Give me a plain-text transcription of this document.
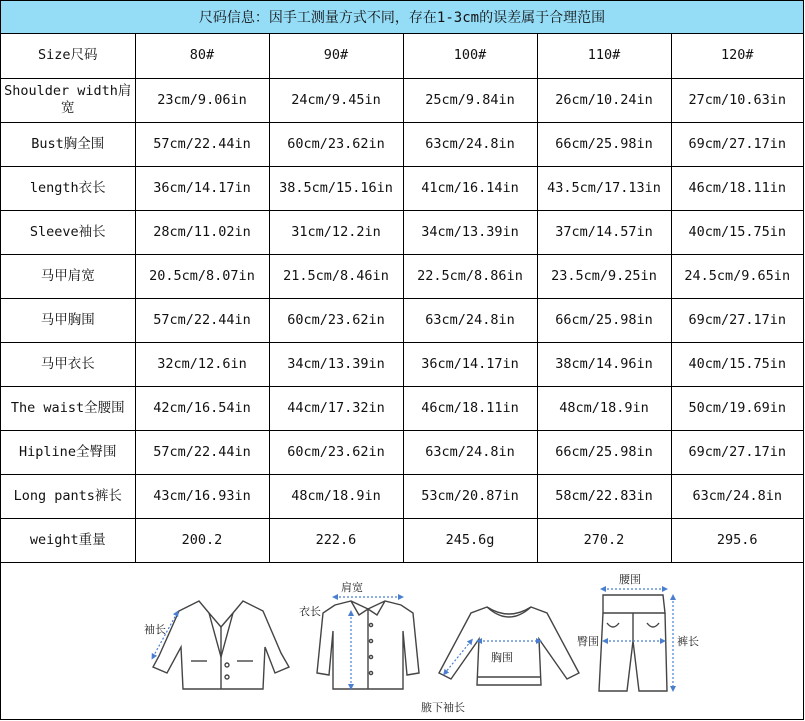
尺码信息：因手工测量方式不同，存在1-3cm的误差属于合理范围
Size尺码	80#	90#	100#	110#	120#
Shoulder width肩宽	23cm/9.06in	24cm/9.45in	25cm/9.84in	26cm/10.24in	27cm/10.63in
Bust胸全围	57cm/22.44in	60cm/23.62in	63cm/24.8in	66cm/25.98in	69cm/27.17in
length衣长	36cm/14.17in	38.5cm/15.16in	41cm/16.14in	43.5cm/17.13in	46cm/18.11in
Sleeve袖长	28cm/11.02in	31cm/12.2in	34cm/13.39in	37cm/14.57in	40cm/15.75in
马甲肩宽	20.5cm/8.07in	21.5cm/8.46in	22.5cm/8.86in	23.5cm/9.25in	24.5cm/9.65in
马甲胸围	57cm/22.44in	60cm/23.62in	63cm/24.8in	66cm/25.98in	69cm/27.17in
马甲衣长	32cm/12.6in	34cm/13.39in	36cm/14.17in	38cm/14.96in	40cm/15.75in
The waist全腰围	42cm/16.54in	44cm/17.32in	46cm/18.11in	48cm/18.9in	50cm/19.69in
Hipline全臀围	57cm/22.44in	60cm/23.62in	63cm/24.8in	66cm/25.98in	69cm/27.17in
Long pants裤长	43cm/16.93in	48cm/18.9in	53cm/20.87in	58cm/22.83in	63cm/24.8in
weight重量	200.2	222.6	245.6g	270.2	295.6
袖长
肩宽
衣长
胸围
腋下袖长
腰围
臀围	裤长
